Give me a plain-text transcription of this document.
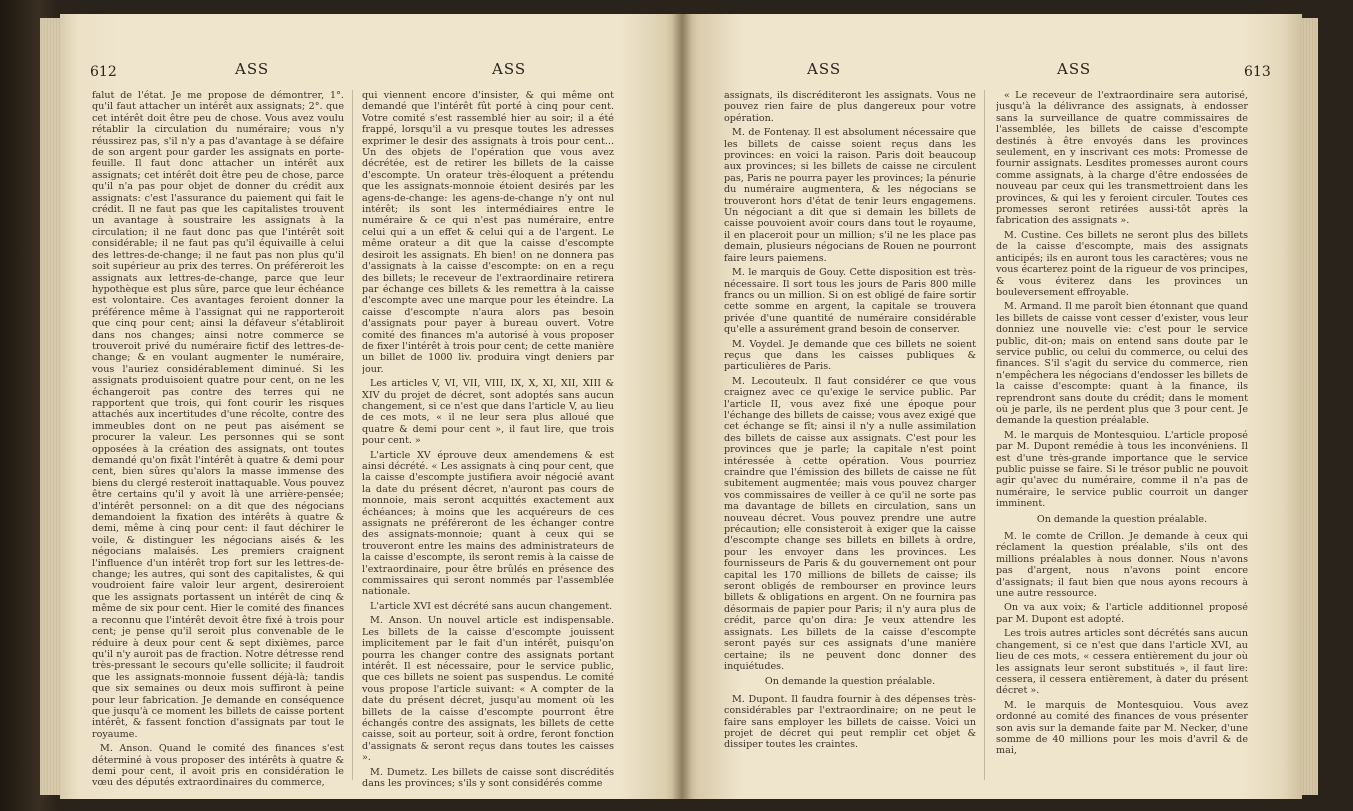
612	ASS	ASS

falut de l'état. Je me propose de démontrer, 1°. qu'il faut attacher un intérêt aux assignats; 2°. que cet intérêt doit être peu de chose. Vous avez voulu rétablir la circulation du numéraire; vous n'y réussirez pas, s'il n'y a pas d'avantage à se défaire de son argent pour garder les assignats en porte-feuille. Il faut donc attacher un intérêt aux assignats; cet intérêt doit être peu de chose, parce qu'il n'a pas pour objet de donner du crédit aux assignats: c'est l'assurance du paiement qui fait le crédit. Il ne faut pas que les capitalistes trouvent un avantage à soustraire les assignats à la circulation; il ne faut donc pas que l'intérêt soit considérable; il ne faut pas qu'il équivaille à celui des lettres-de-change; il ne faut pas non plus qu'il soit supérieur au prix des terres. On préféreroit les assignats aux lettres-de-change, parce que leur hypothèque est plus sûre, parce que leur échéance est volontaire. Ces avantages feroient donner la préférence même à l'assignat qui ne rapporteroit que cinq pour cent; ainsi la défaveur s'établiroit dans nos changes; ainsi notre commerce se trouveroit privé du numéraire fictif des lettres-de-change; & en voulant augmenter le numéraire, vous l'auriez considérablement diminué. Si les assignats produisoient quatre pour cent, on ne les échangeroit pas contre des terres qui ne rapportent que trois, qui font courir les risques attachés aux incertitudes d'une récolte, contre des immeubles dont on ne peut pas aisément se procurer la valeur. Les personnes qui se sont opposées à la création des assignats, ont toutes demandé qu'on fixât l'intérêt à quatre & demi pour cent, bien sûres qu'alors la masse immense des biens du clergé resteroit inattaquable. Vous pouvez être certains qu'il y avoit là une arrière-pensée; d'intérêt personnel: on a dit que des négocians demandoient la fixation des intérêts à quatre & demi, même à cinq pour cent: il faut déchirer le voile, & distinguer les négocians aisés & les négocians malaisés. Les premiers craignent l'influence d'un intérêt trop fort sur les lettres-de-change; les autres, qui sont des capitalistes, & qui voudroient faire valoir leur argent, desireroient que les assignats portassent un intérêt de cinq & même de six pour cent. Hier le comité des finances a reconnu que l'intérêt devoit être fixé à trois pour cent; je pense qu'il seroit plus convenable de le réduire à deux pour cent & sept dixièmes, parce qu'il n'y auroit pas de fraction. Notre détresse rend très-pressant le secours qu'elle sollicite; il faudroit que les assignats-monnoie fussent déjà-là; tandis que six semaines ou deux mois suffiront à peine pour leur fabrication. Je demande en conséquence que jusqu'à ce moment les billets de caisse portent intérêt, & fassent fonction d'assignats par tout le royaume.

M. Anson. Quand le comité des finances s'est déterminé à vous proposer des intérêts à quatre & demi pour cent, il avoit pris en considération le vœu des députés extraordinaires du commerce,

qui viennent encore d'insister, & qui même ont demandé que l'intérêt fût porté à cinq pour cent. Votre comité s'est rassemblé hier au soir; il a été frappé, lorsqu'il a vu presque toutes les adresses exprimer le desir des assignats à trois pour cent... Un des objets de l'opération que vous avez décrétée, est de retirer les billets de la caisse d'escompte. Un orateur très-éloquent a prétendu que les assignats-monnoie étoient desirés par les agens-de-change: les agens-de-change n'y ont nul intérêt; ils sont les intermédiaires entre le numéraire & ce qui n'est pas numéraire, entre celui qui a un effet & celui qui a de l'argent. Le même orateur a dit que la caisse d'escompte desiroit les assignats. Eh bien! on ne donnera pas d'assignats à la caisse d'escompte: on en a reçu des billets; le receveur de l'extraordinaire retirera par échange ces billets & les remettra à la caisse d'escompte avec une marque pour les éteindre. La caisse d'escompte n'aura alors pas besoin d'assignats pour payer à bureau ouvert. Votre comité des finances m'a autorisé à vous proposer de fixer l'intérêt à trois pour cent; de cette manière un billet de 1000 liv. produira vingt deniers par jour.

Les articles V, VI, VII, VIII, IX, X, XI, XII, XIII & XIV du projet de décret, sont adoptés sans aucun changement, si ce n'est que dans l'article V, au lieu de ces mots, « il ne leur sera plus alloué que quatre & demi pour cent », il faut lire, que trois pour cent. »

L'article XV éprouve deux amendemens & est ainsi décrété. « Les assignats à cinq pour cent, que la caisse d'escompte justifiera avoir négocié avant la date du présent décret, n'auront pas cours de monnoie, mais seront acquittés exactement aux échéances; à moins que les acquéreurs de ces assignats ne préféreront de les échanger contre des assignats-monnoie; quant à ceux qui se trouveront entre les mains des administrateurs de la caisse d'escompte, ils seront remis à la caisse de l'extraordinaire, pour être brûlés en présence des commissaires qui seront nommés par l'assemblée nationale.

L'article XVI est décrété sans aucun changement.

M. Anson. Un nouvel article est indispensable. Les billets de la caisse d'escompte jouissent implicitement par le fait d'un intérêt, puisqu'on pourra les changer contre des assignats portant intérêt. Il est nécessaire, pour le service public, que ces billets ne soient pas suspendus. Le comité vous propose l'article suivant: « A compter de la date du présent décret, jusqu'au moment où les billets de la caisse d'escompte pourront être échangés contre des assignats, les billets de cette caisse, soit au porteur, soit à ordre, feront fonction d'assignats & seront reçus dans toutes les caisses ».

M. Dumetz. Les billets de caisse sont discrédités dans les provinces; s'ils y sont considérés comme

ASS	ASS	613

assignats, ils discréditeront les assignats. Vous ne pouvez rien faire de plus dangereux pour votre opération.

M. de Fontenay. Il est absolument nécessaire que les billets de caisse soient reçus dans les provinces: en voici la raison. Paris doit beaucoup aux provinces; si les billets de caisse ne circulent pas, Paris ne pourra payer les provinces; la pénurie du numéraire augmentera, & les négocians se trouveront hors d'état de tenir leurs engagemens. Un négociant a dit que si demain les billets de caisse pouvoient avoir cours dans tout le royaume, il en placeroit pour un million; s'il ne les place pas demain, plusieurs négocians de Rouen ne pourront faire leurs paiemens.

M. le marquis de Gouy. Cette disposition est très-nécessaire. Il sort tous les jours de Paris 800 mille francs ou un million. Si on est obligé de faire sortir cette somme en argent, la capitale se trouvera privée d'une quantité de numéraire considérable qu'elle a assurément grand besoin de conserver.

M. Voydel. Je demande que ces billets ne soient reçus que dans les caisses publiques & particulières de Paris.

M. Lecouteulx. Il faut considérer ce que vous craignez avec ce qu'exige le service public. Par l'article II, vous avez fixé une époque pour l'échange des billets de caisse; vous avez exigé que cet échange se fît; ainsi il n'y a nulle assimilation des billets de caisse aux assignats. C'est pour les provinces que je parle; la capitale n'est point intéressée à cette opération. Vous pourriez craindre que l'émission des billets de caisse ne fût subitement augmentée; mais vous pouvez charger vos commissaires de veiller à ce qu'il ne sorte pas ma davantage de billets en circulation, sans un nouveau décret. Vous pouvez prendre une autre précaution; elle consisteroit à exiger que la caisse d'escompte change ses billets en billets à ordre, pour les envoyer dans les provinces. Les fournisseurs de Paris & du gouvernement ont pour capital les 170 millions de billets de caisse; ils seront obligés de rembourser en province leurs billets & obligations en argent. On ne fournira pas désormais de papier pour Paris; il n'y aura plus de crédit, parce qu'on dira: Je veux attendre les assignats. Les billets de la caisse d'escompte seront payés sur ces assignats d'une manière certaine; ils ne peuvent donc donner des inquiétudes.

On demande la question préalable.

M. Dupont. Il faudra fournir à des dépenses très-considérables par l'extraordinaire; on ne peut le faire sans employer les billets de caisse. Voici un projet de décret qui peut remplir cet objet & dissiper toutes les craintes.

« Le receveur de l'extraordinaire sera autorisé, jusqu'à la délivrance des assignats, à endosser sans la surveillance de quatre commissaires de l'assemblée, les billets de caisse d'escompte destinés à être envoyés dans les provinces seulement, en y inscrivant ces mots: Promesse de fournir assignats. Lesdites promesses auront cours comme assignats, à la charge d'être endossées de nouveau par ceux qui les transmettroient dans les provinces, & qui les y feroient circuler. Toutes ces promesses seront retirées aussi-tôt après la fabrication des assignats ».

M. Custine. Ces billets ne seront plus des billets de la caisse d'escompte, mais des assignats anticipés; ils en auront tous les caractères; vous ne vous écarterez point de la rigueur de vos principes, & vous éviterez dans les provinces un bouleversement effroyable.

M. Armand. Il me paroît bien étonnant que quand les billets de caisse vont cesser d'exister, vous leur donniez une nouvelle vie: c'est pour le service public, dit-on; mais on entend sans doute par le service public, ou celui du commerce, ou celui des finances. S'il s'agit du service du commerce, rien n'empêchera les négocians d'endosser les billets de la caisse d'escompte: quant à la finance, ils reprendront sans doute du crédit; dans le moment où je parle, ils ne perdent plus que 3 pour cent. Je demande la question préalable.

M. le marquis de Montesquiou. L'article proposé par M. Dupont remédie à tous les inconvéniens. Il est d'une très-grande importance que le service public puisse se faire. Si le trésor public ne pouvoit agir qu'avec du numéraire, comme il n'a pas de numéraire, le service public courroit un danger imminent.

On demande la question préalable.

M. le comte de Crillon. Je demande à ceux qui réclament la question préalable, s'ils ont des millions préalables à nous donner. Nous n'avons pas d'argent, nous n'avons point encore d'assignats; il faut bien que nous ayons recours à une autre ressource.

On va aux voix; & l'article additionnel proposé par M. Dupont est adopté.

Les trois autres articles sont décrétés sans aucun changement, si ce n'est que dans l'article XVI, au lieu de ces mots, « cessera entièrement du jour où les assignats leur seront substitués », il faut lire: cessera, il cessera entièrement, à dater du présent décret ».

M. le marquis de Montesquiou. Vous avez ordonné au comité des finances de vous présenter son avis sur la demande faite par M. Necker, d'une somme de 40 millions pour les mois d'avril & de mai,
